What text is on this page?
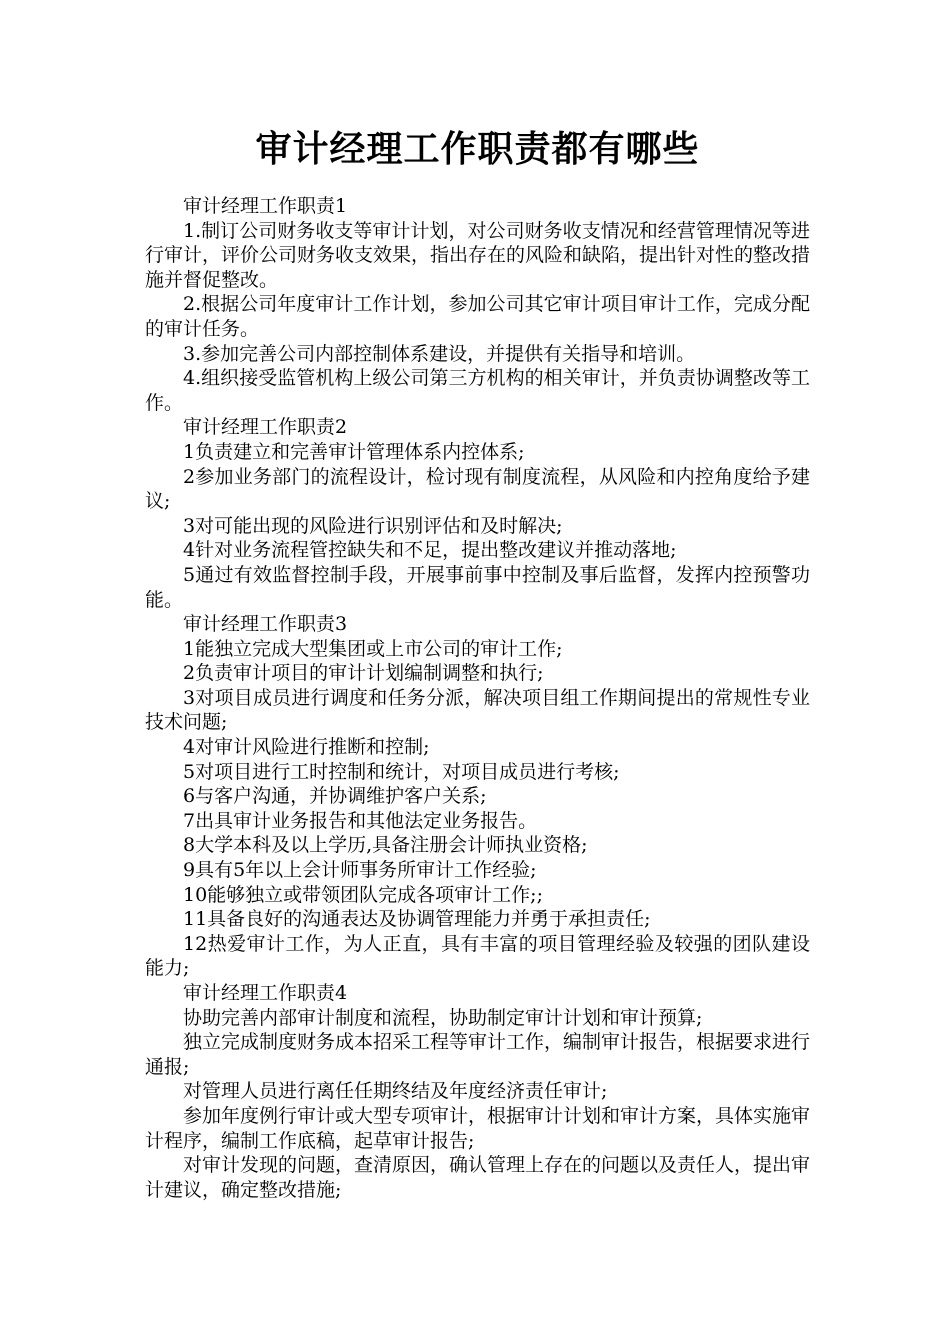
审计经理工作职责都有哪些

审计经理工作职责1

1.制订公司财务收支等审计计划，对公司财务收支情况和经营管理情况等进行审计，评价公司财务收支效果，指出存在的风险和缺陷，提出针对性的整改措施并督促整改。

2.根据公司年度审计工作计划，参加公司其它审计项目审计工作，完成分配的审计任务。

3.参加完善公司内部控制体系建设，并提供有关指导和培训。

4.组织接受监管机构上级公司第三方机构的相关审计，并负责协调整改等工作。

审计经理工作职责2

1负责建立和完善审计管理体系内控体系;

2参加业务部门的流程设计，检讨现有制度流程，从风险和内控角度给予建议;

3对可能出现的风险进行识别评估和及时解决;

4针对业务流程管控缺失和不足，提出整改建议并推动落地;

5通过有效监督控制手段，开展事前事中控制及事后监督，发挥内控预警功能。

审计经理工作职责3

1能独立完成大型集团或上市公司的审计工作;

2负责审计项目的审计计划编制调整和执行;

3对项目成员进行调度和任务分派，解决项目组工作期间提出的常规性专业技术问题;

4对审计风险进行推断和控制;

5对项目进行工时控制和统计，对项目成员进行考核;

6与客户沟通，并协调维护客户关系;

7出具审计业务报告和其他法定业务报告。

8大学本科及以上学历,具备注册会计师执业资格;

9具有5年以上会计师事务所审计工作经验;

10能够独立或带领团队完成各项审计工作;;

11具备良好的沟通表达及协调管理能力并勇于承担责任;

12热爱审计工作，为人正直，具有丰富的项目管理经验及较强的团队建设能力;

审计经理工作职责4

协助完善内部审计制度和流程，协助制定审计计划和审计预算;

独立完成制度财务成本招采工程等审计工作，编制审计报告，根据要求进行通报;

对管理人员进行离任任期终结及年度经济责任审计;

参加年度例行审计或大型专项审计，根据审计计划和审计方案，具体实施审计程序，编制工作底稿，起草审计报告;

对审计发现的问题，查清原因，确认管理上存在的问题以及责任人，提出审计建议，确定整改措施;
